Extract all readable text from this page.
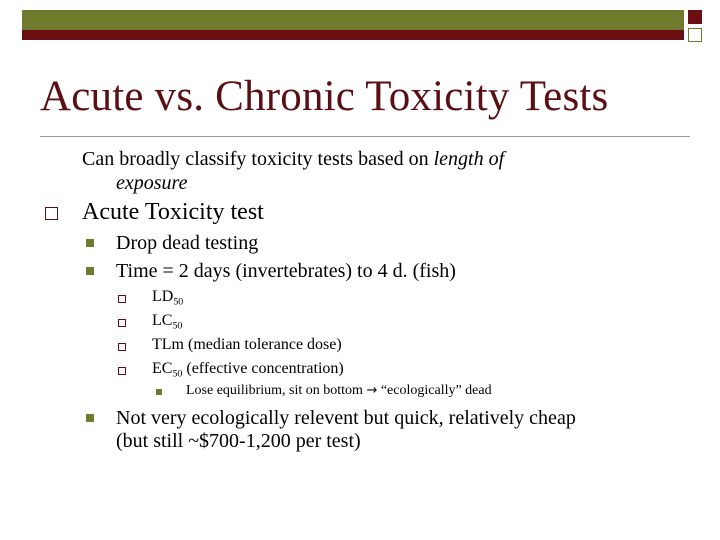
Acute vs. Chronic Toxicity Tests
Can broadly classify toxicity tests based on length of
exposure
Acute Toxicity test
Drop dead testing
Time = 2 days (invertebrates) to 4 d. (fish)
$LD_{50}$
$LC_{50}$
TLm (median tolerance dose)
$EC_{50}$ (effective concentration)
Lose equilibrium, sit on bottom → “ecologically” dead
Not very ecologically relevent but quick, relatively cheap
(but still ~$700-1,200 per test)
